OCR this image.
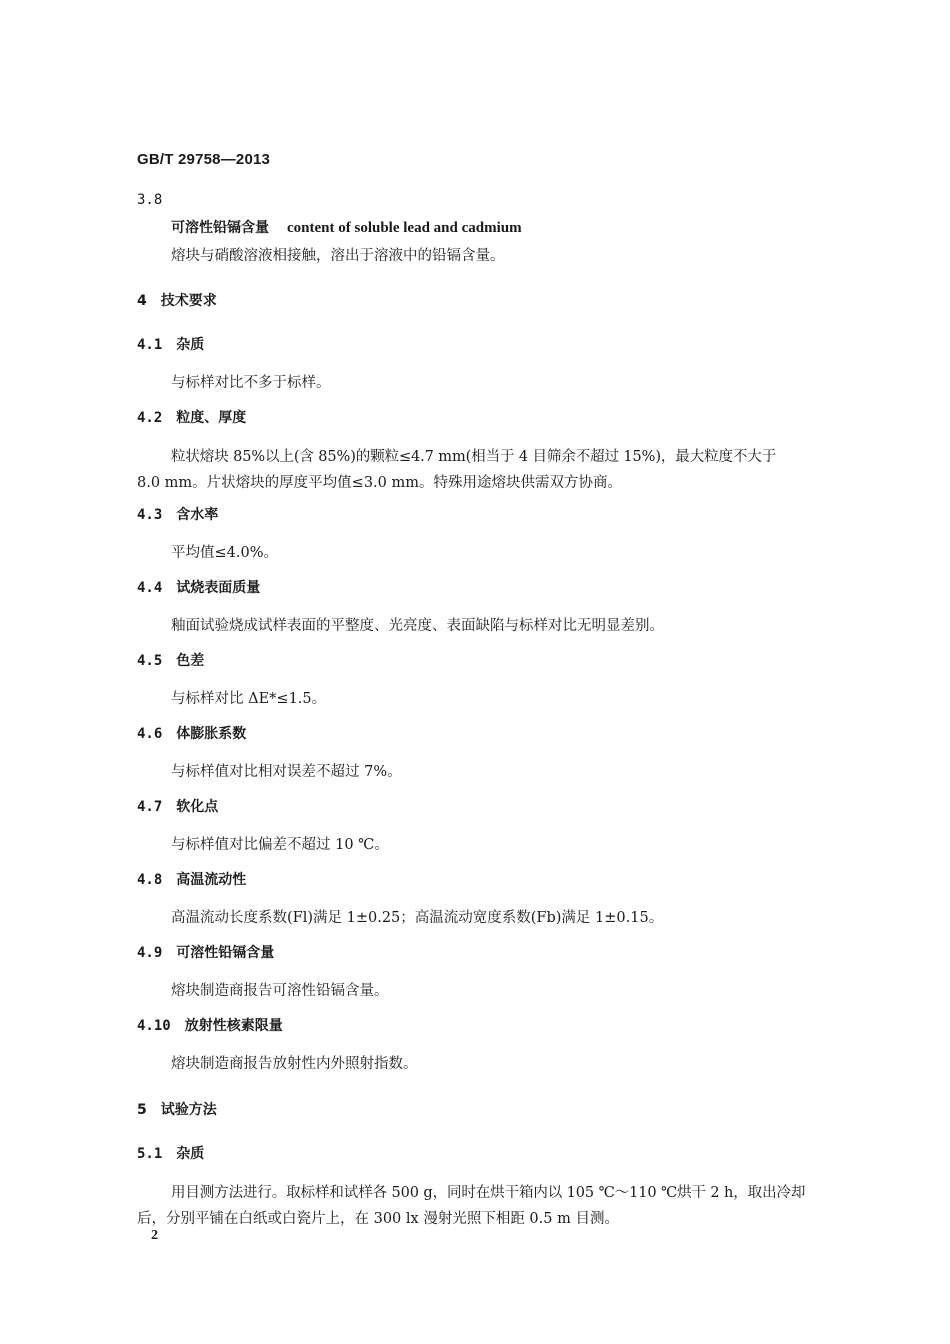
GB/T 29758—2013
3.8
可溶性铅镉含量 content of soluble lead and cadmium
熔块与硝酸溶液相接触，溶出于溶液中的铅镉含量。
4 技术要求
4.1 杂质
与标样对比不多于标样。
4.2 粒度、厚度
粒状熔块 85%以上(含 85%)的颗粒≤4.7 mm(相当于 4 目筛余不超过 15%)，最大粒度不大于
8.0 mm。片状熔块的厚度平均值≤3.0 mm。特殊用途熔块供需双方协商。
4.3 含水率
平均值≤4.0%。
4.4 试烧表面质量
釉面试验烧成试样表面的平整度、光亮度、表面缺陷与标样对比无明显差别。
4.5 色差
与标样对比 ΔE*≤1.5。
4.6 体膨胀系数
与标样值对比相对误差不超过 7%。
4.7 软化点
与标样值对比偏差不超过 10 ℃。
4.8 高温流动性
高温流动长度系数(Fl)满足 1±0.25；高温流动宽度系数(Fb)满足 1±0.15。
4.9 可溶性铅镉含量
熔块制造商报告可溶性铅镉含量。
4.10 放射性核素限量
熔块制造商报告放射性内外照射指数。
5 试验方法
5.1 杂质
用目测方法进行。取标样和试样各 500 g，同时在烘干箱内以 105 ℃～110 ℃烘干 2 h，取出冷却
后，分别平铺在白纸或白瓷片上，在 300 lx 漫射光照下相距 0.5 m 目测。
2
